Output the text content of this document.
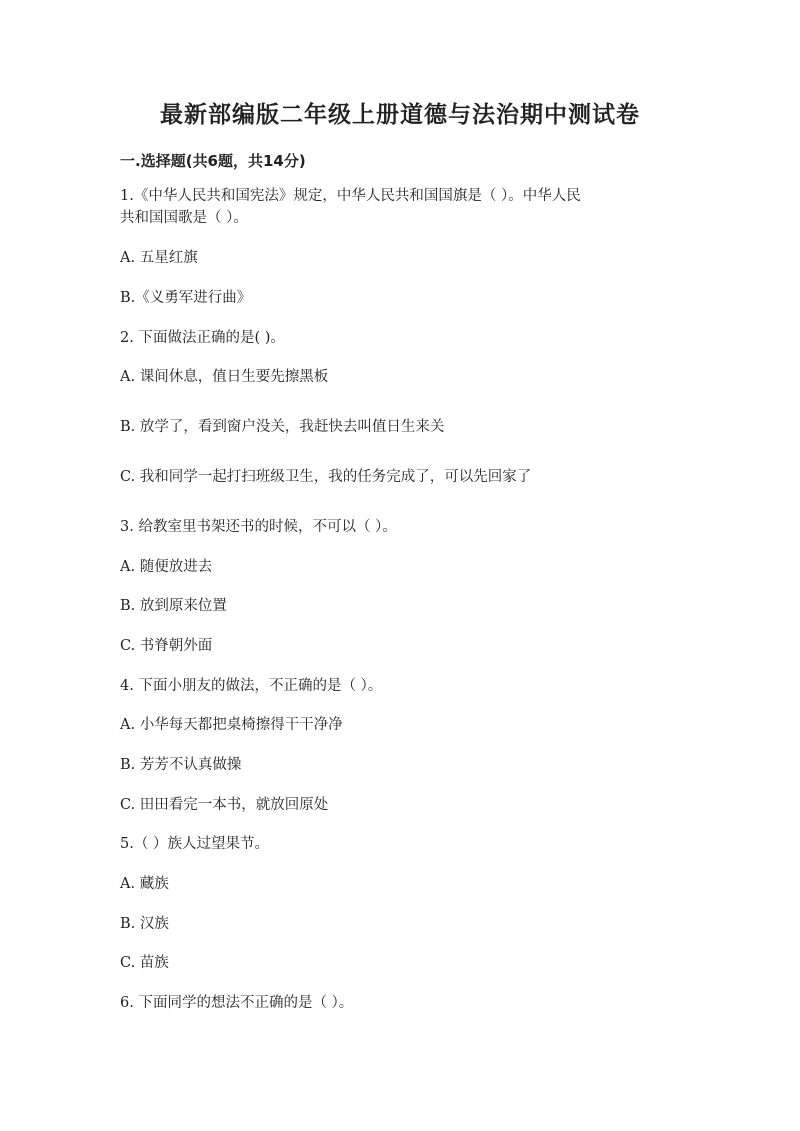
最新部编版二年级上册道德与法治期中测试卷
一.选择题(共6题，共14分)
1.《中华人民共和国宪法》规定，中华人民共和国国旗是（ ）。中华人民
共和国国歌是（ ）。
A. 五星红旗
B.《义勇军进行曲》
2. 下面做法正确的是( )。
A. 课间休息，值日生要先擦黑板
B. 放学了，看到窗户没关，我赶快去叫值日生来关
C. 我和同学一起打扫班级卫生，我的任务完成了，可以先回家了
3. 给教室里书架还书的时候，不可以（ ）。
A. 随便放进去
B. 放到原来位置
C. 书脊朝外面
4. 下面小朋友的做法，不正确的是（ ）。
A. 小华每天都把桌椅擦得干干净净
B. 芳芳不认真做操
C. 田田看完一本书，就放回原处
5.（ ）族人过望果节。
A. 藏族
B. 汉族
C. 苗族
6. 下面同学的想法不正确的是（ ）。
